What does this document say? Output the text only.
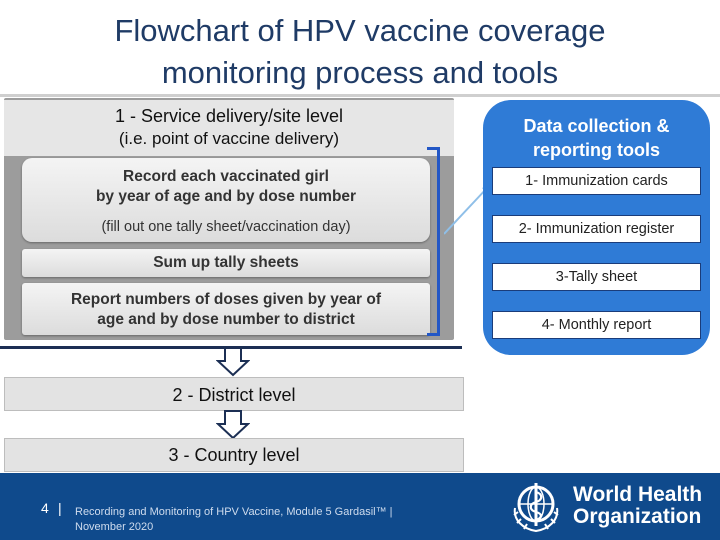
Flowchart of HPV vaccine coverage
monitoring process and tools
1 - Service delivery/site level
(i.e. point of vaccine delivery)
Record each vaccinated girl
by year of age and by dose number
(fill out one tally sheet/vaccination day)
Sum up tally sheets
Report numbers of doses given by year of
age and by dose number to district
2 - District level
3 - Country level
Data collection &
reporting tools
1- Immunization cards
2- Immunization register
3-Tally sheet
4- Monthly report
4 | Recording and Monitoring of HPV Vaccine, Module 5 Gardasil™ |
November 2020
World Health
Organization
